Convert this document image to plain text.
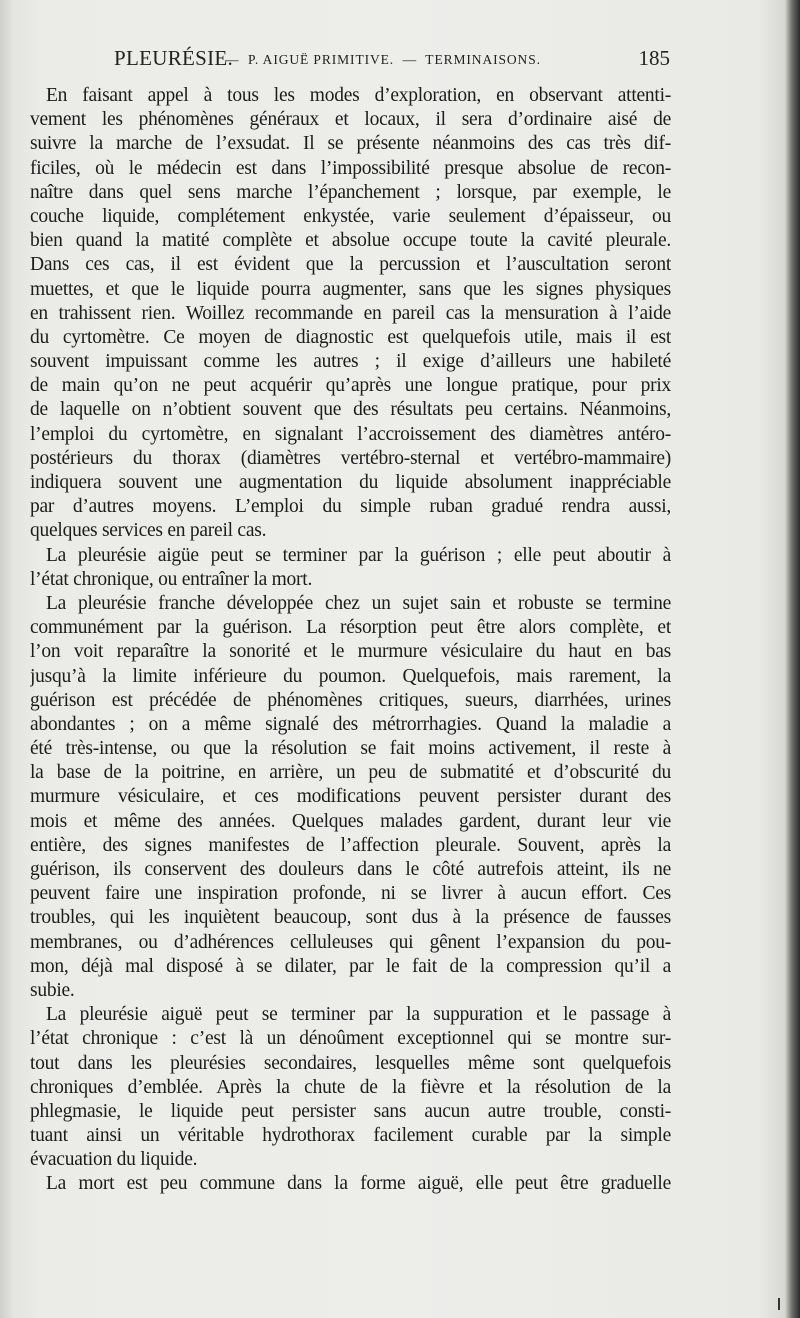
PLEURÉSIE.
—  P. AIGUË PRIMITIVE.  —  TERMINAISONS.	185
En faisant appel à tous les modes d’exploration, en observant attenti-
vement les phénomènes généraux et locaux, il sera d’ordinaire aisé de
suivre la marche de l’exsudat. Il se présente néanmoins des cas très dif-
ficiles, où le médecin est dans l’impossibilité presque absolue de recon-
naître dans quel sens marche l’épanchement ; lorsque, par exemple, le
couche liquide, complétement enkystée, varie seulement d’épaisseur, ou
bien quand la matité complète et absolue occupe toute la cavité pleurale.
Dans ces cas, il est évident que la percussion et l’auscultation seront
muettes, et que le liquide pourra augmenter, sans que les signes physiques
en trahissent rien. Woillez recommande en pareil cas la mensuration à l’aide
du cyrtomètre. Ce moyen de diagnostic est quelquefois utile, mais il est
souvent impuissant comme les autres ; il exige d’ailleurs une habileté
de main qu’on ne peut acquérir qu’après une longue pratique, pour prix
de laquelle on n’obtient souvent que des résultats peu certains. Néanmoins,
l’emploi du cyrtomètre, en signalant l’accroissement des diamètres antéro-
postérieurs du thorax (diamètres vertébro-sternal et vertébro-mammaire)
indiquera souvent une augmentation du liquide absolument inappréciable
par d’autres moyens. L’emploi du simple ruban gradué rendra aussi,
quelques services en pareil cas.
La pleurésie aigüe peut se terminer par la guérison ; elle peut aboutir à
l’état chronique, ou entraîner la mort.
La pleurésie franche développée chez un sujet sain et robuste se termine
communément par la guérison. La résorption peut être alors complète, et
l’on voit reparaître la sonorité et le murmure vésiculaire du haut en bas
jusqu’à la limite inférieure du poumon. Quelquefois, mais rarement, la
guérison est précédée de phénomènes critiques, sueurs, diarrhées, urines
abondantes ; on a même signalé des métrorrhagies. Quand la maladie a
été très-intense, ou que la résolution se fait moins activement, il reste à
la base de la poitrine, en arrière, un peu de submatité et d’obscurité du
murmure vésiculaire, et ces modifications peuvent persister durant des
mois et même des années. Quelques malades gardent, durant leur vie
entière, des signes manifestes de l’affection pleurale. Souvent, après la
guérison, ils conservent des douleurs dans le côté autrefois atteint, ils ne
peuvent faire une inspiration profonde, ni se livrer à aucun effort. Ces
troubles, qui les inquiètent beaucoup, sont dus à la présence de fausses
membranes, ou d’adhérences celluleuses qui gênent l’expansion du pou-
mon, déjà mal disposé à se dilater, par le fait de la compression qu’il a
subie.
La pleurésie aiguë peut se terminer par la suppuration et le passage à
l’état chronique : c’est là un dénoûment exceptionnel qui se montre sur-
tout dans les pleurésies secondaires, lesquelles même sont quelquefois
chroniques d’emblée. Après la chute de la fièvre et la résolution de la
phlegmasie, le liquide peut persister sans aucun autre trouble, consti-
tuant ainsi un véritable hydrothorax facilement curable par la simple
évacuation du liquide.
La mort est peu commune dans la forme aiguë, elle peut être graduelle
